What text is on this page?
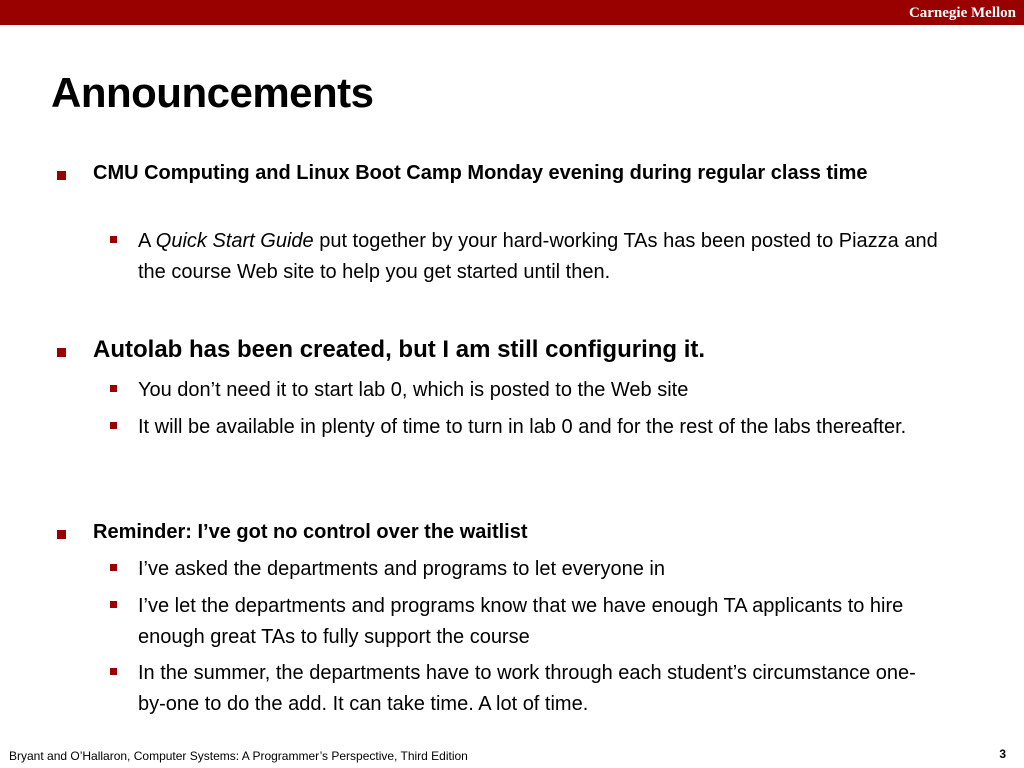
Carnegie Mellon
Announcements

CMU Computing and Linux Boot Camp Monday evening during regular class time

A Quick Start Guide put together by your hard-working TAs has been posted to Piazza and the course Web site to help you get started until then.

Autolab has been created, but I am still configuring it.

You don’t need it to start lab 0, which is posted to the Web site

It will be available in plenty of time to turn in lab 0 and for the rest of the labs thereafter.

Reminder: I’ve got no control over the waitlist

I’ve asked the departments and programs to let everyone in

I’ve let the departments and programs know that we have enough TA applicants to hire enough great TAs to fully support the course

In the summer, the departments have to work through each student’s circumstance one-by-one to do the add. It can take time. A lot of time.

Bryant and O’Hallaron, Computer Systems: A Programmer’s Perspective, Third Edition	3
